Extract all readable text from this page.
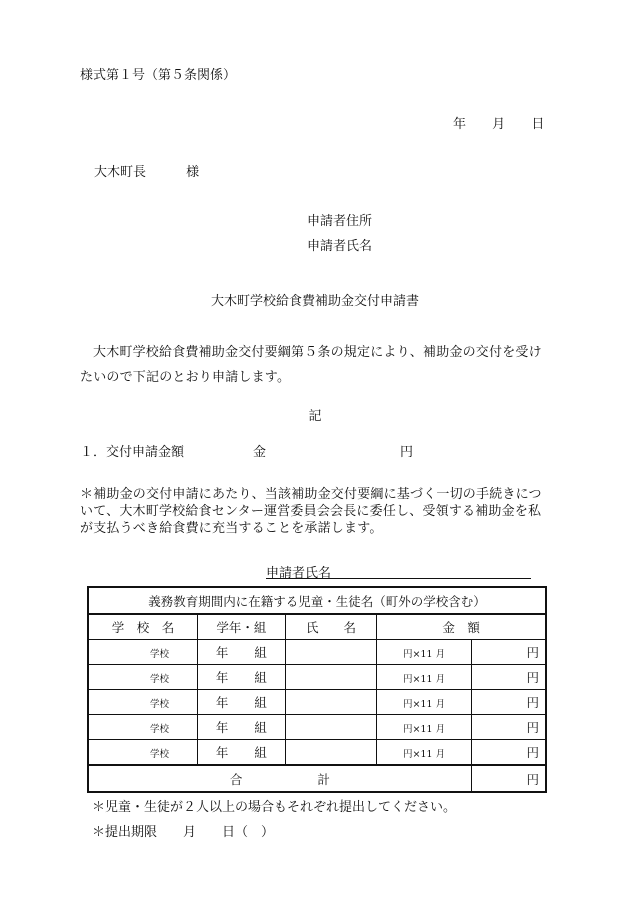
様式第１号（第５条関係）
年 月 日
大木町長	様
申請者住所
申請者氏名
大木町学校給食費補助金交付申請書
大木町学校給食費補助金交付要綱第５条の規定により、補助金の交付を受けたいので下記のとおり申請します。
記
１．交付申請金額	金	円
＊補助金の交付申請にあたり、当該補助金交付要綱に基づく一切の手続きについて、大木町学校給食センター運営委員会会長に委任し、受領する補助金を私が支払うべき給食費に充当することを承諾します。
申請者氏名
義務教育期間内に在籍する児童・生徒名（町外の学校含む）				
学　校　名	学年・組	氏　　名	金　額	
学校	年 組		円×11 月	円
学校	年 組		円×11 月	円
学校	年 組		円×11 月	円
学校	年 組		円×11 月	円
学校	年 組		円×11 月	円
合　　　　　　計				円
＊児童・生徒が２人以上の場合もそれぞれ提出してください。
＊提出期限　　月　　日（　）
